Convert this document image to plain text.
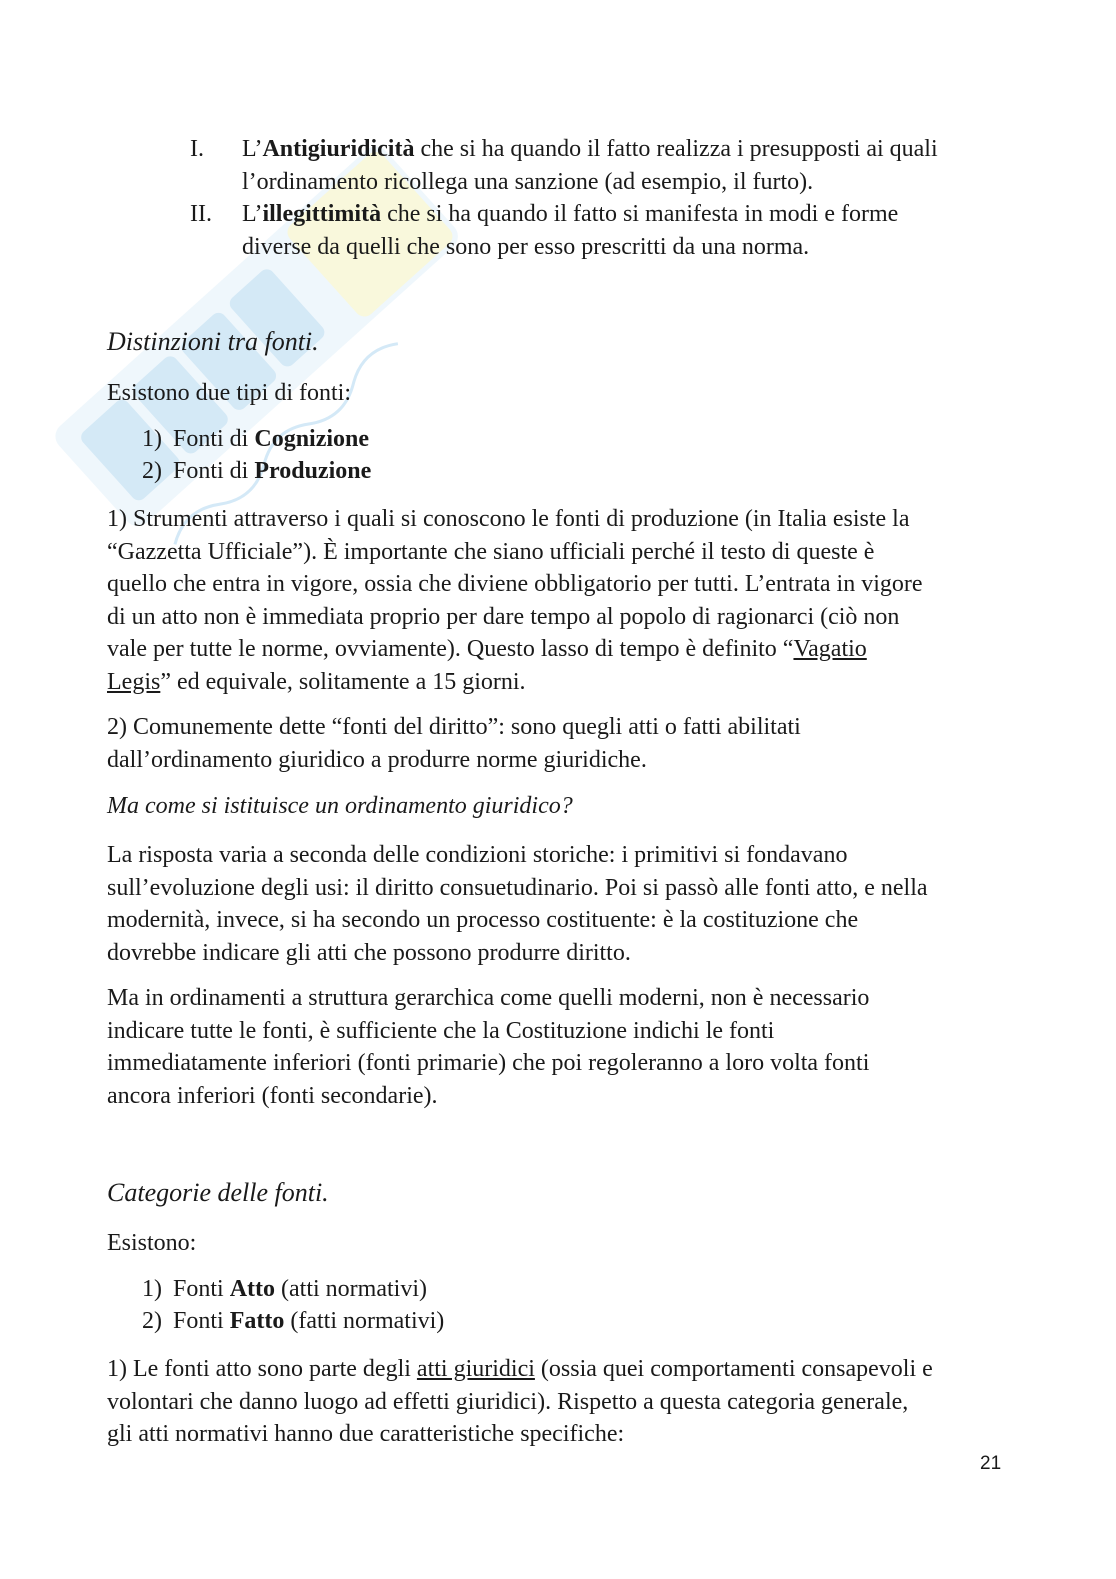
I.	L’Antigiuridicità che si ha quando il fatto realizza i presupposti ai quali
l’ordinamento ricollega una sanzione (ad esempio, il furto).
II.	L’illegittimità che si ha quando il fatto si manifesta in modi e forme
diverse da quelli che sono per esso prescritti da una norma.
Distinzioni tra fonti.
Esistono due tipi di fonti:
1) Fonti di Cognizione
2) Fonti di Produzione
1) Strumenti attraverso i quali si conoscono le fonti di produzione (in Italia esiste la
“Gazzetta Ufficiale”). È importante che siano ufficiali perché il testo di queste è
quello che entra in vigore, ossia che diviene obbligatorio per tutti. L’entrata in vigore
di un atto non è immediata proprio per dare tempo al popolo di ragionarci (ciò non
vale per tutte le norme, ovviamente). Questo lasso di tempo è definito “Vagatio
Legis” ed equivale, solitamente a 15 giorni.
2) Comunemente dette “fonti del diritto”: sono quegli atti o fatti abilitati
dall’ordinamento giuridico a produrre norme giuridiche.
Ma come si istituisce un ordinamento giuridico?
La risposta varia a seconda delle condizioni storiche: i primitivi si fondavano
sull’evoluzione degli usi: il diritto consuetudinario. Poi si passò alle fonti atto, e nella
modernità, invece, si ha secondo un processo costituente: è la costituzione che
dovrebbe indicare gli atti che possono produrre diritto.
Ma in ordinamenti a struttura gerarchica come quelli moderni, non è necessario
indicare tutte le fonti, è sufficiente che la Costituzione indichi le fonti
immediatamente inferiori (fonti primarie) che poi regoleranno a loro volta fonti
ancora inferiori (fonti secondarie).
Categorie delle fonti.
Esistono:
1) Fonti Atto (atti normativi)
2) Fonti Fatto (fatti normativi)
1) Le fonti atto sono parte degli atti giuridici (ossia quei comportamenti consapevoli e
volontari che danno luogo ad effetti giuridici). Rispetto a questa categoria generale,
gli atti normativi hanno due caratteristiche specifiche:
21
